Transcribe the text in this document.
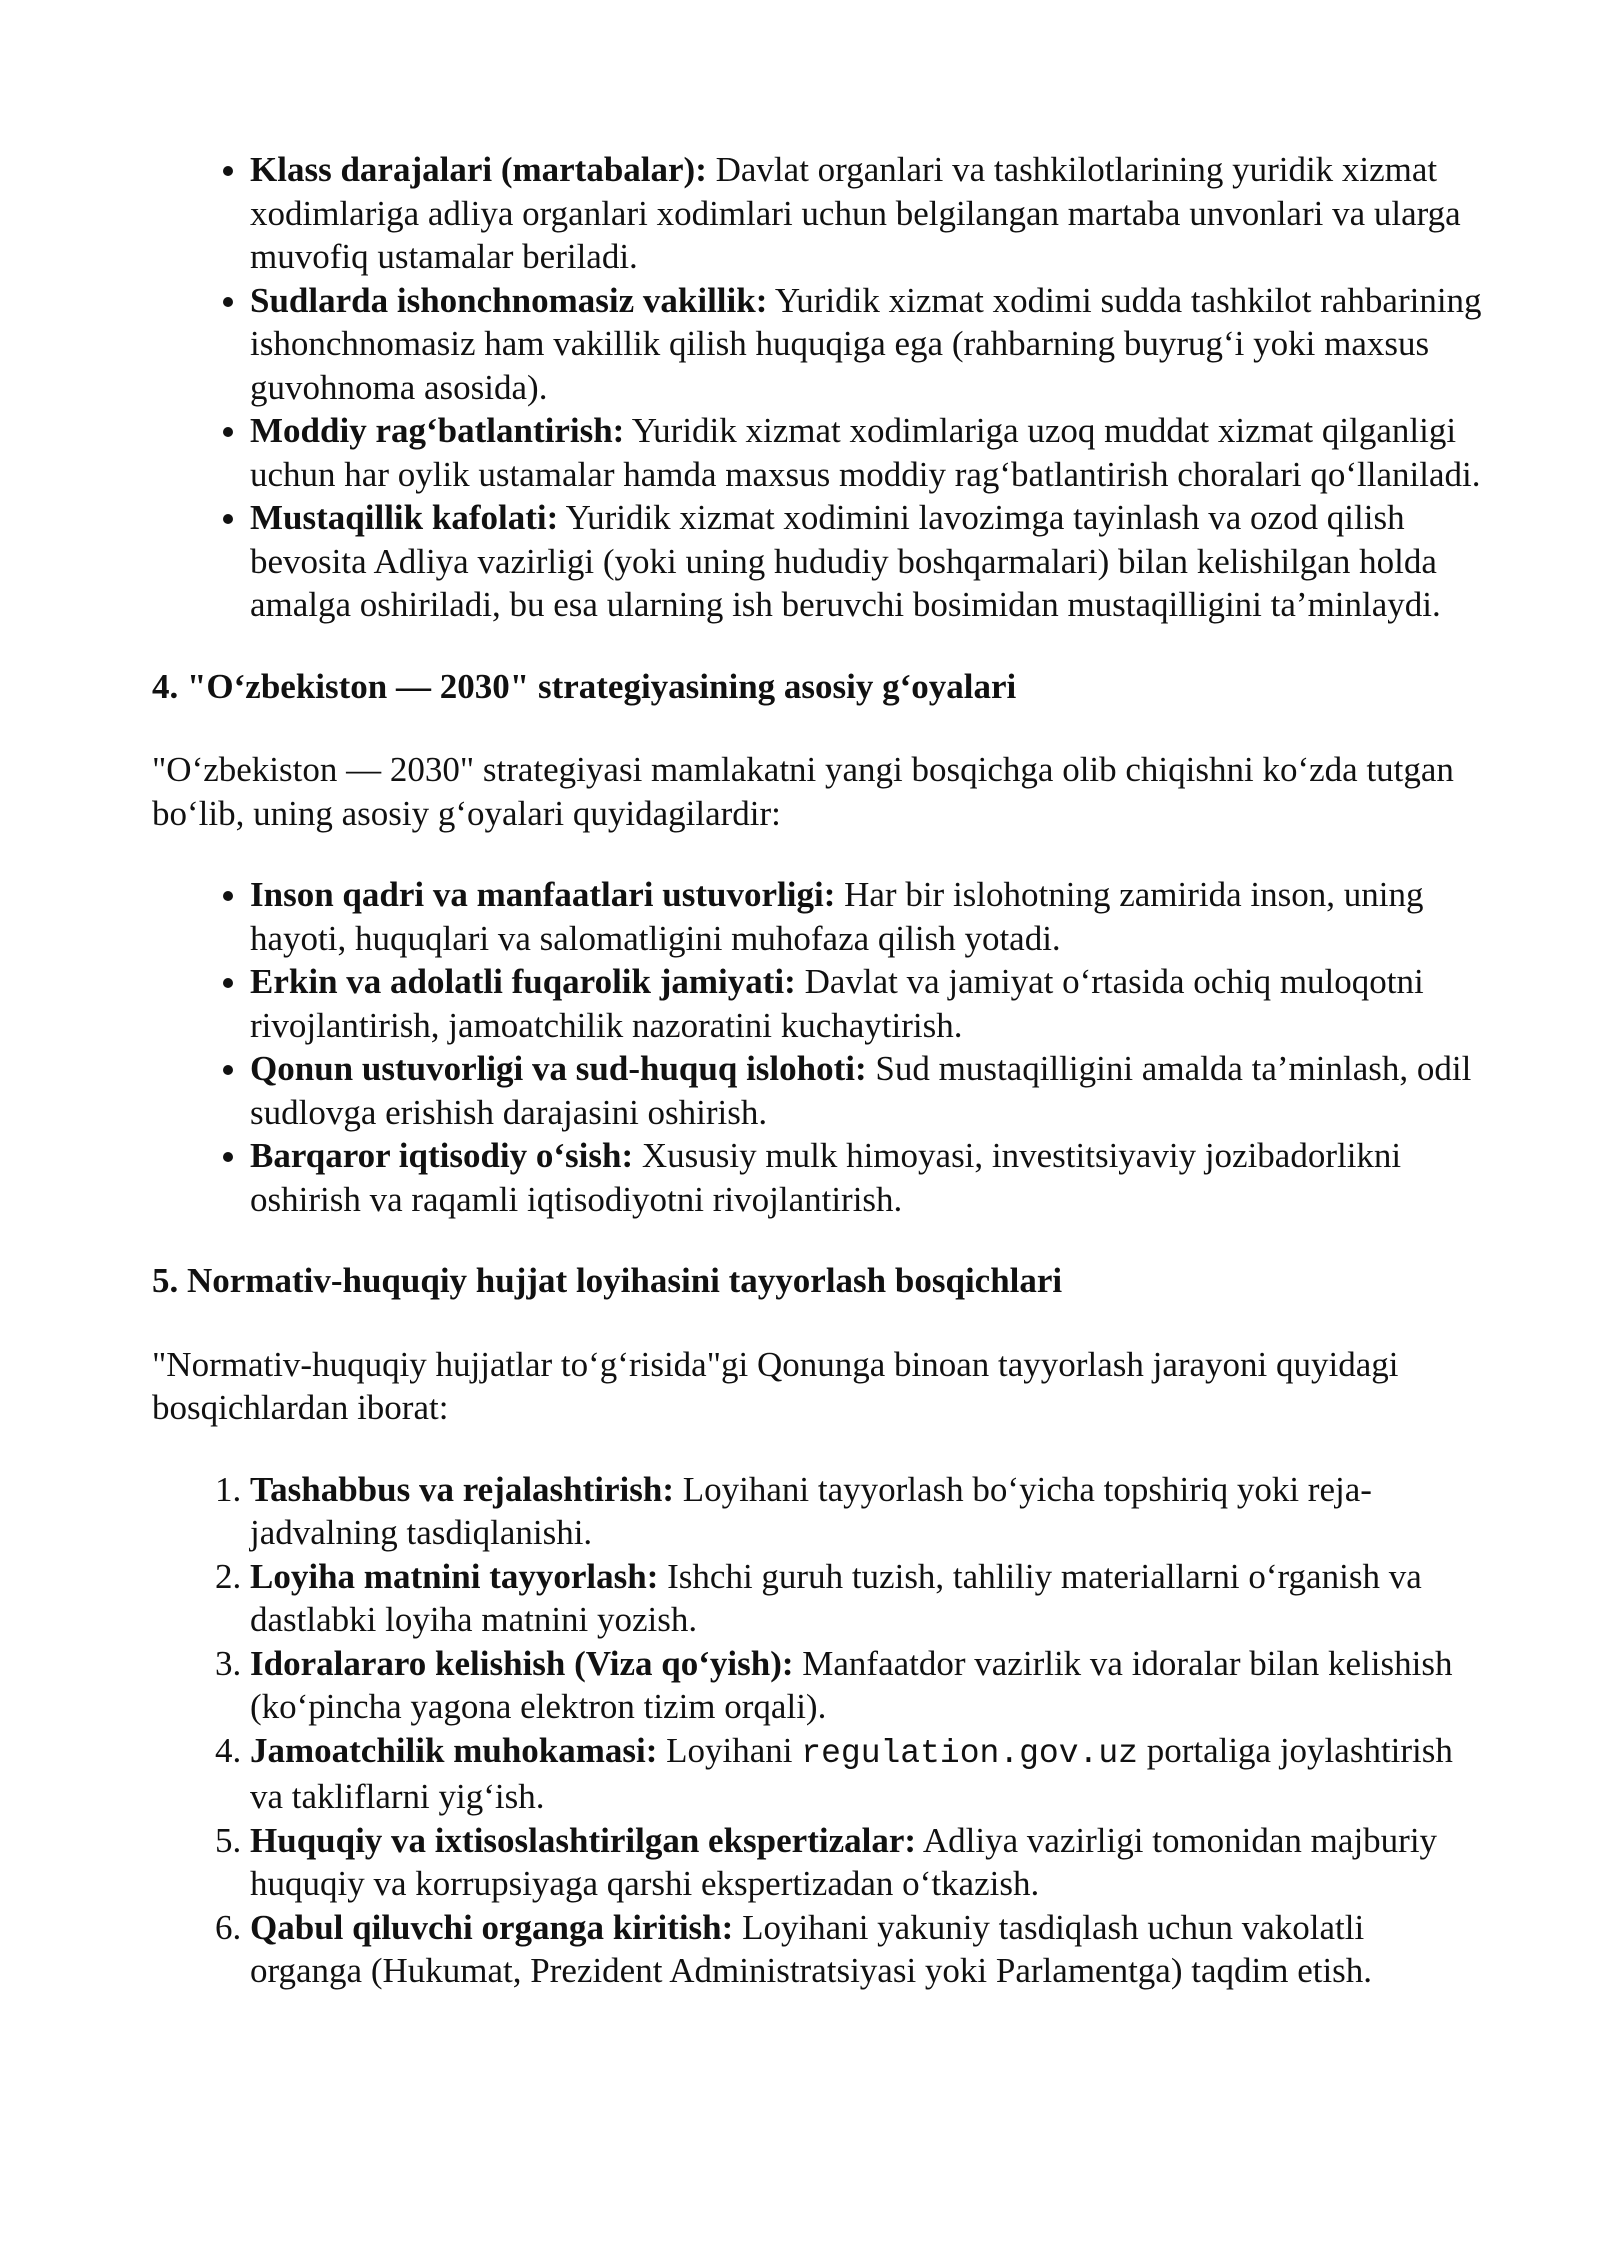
• Klass darajalari (martabalar): Davlat organlari va tashkilotlarining yuridik xizmat xodimlariga adliya organlari xodimlari uchun belgilangan martaba unvonlari va ularga muvofiq ustamalar beriladi.
• Sudlarda ishonchnomasiz vakillik: Yuridik xizmat xodimi sudda tashkilot rahbarining ishonchnomasiz ham vakillik qilish huquqiga ega (rahbarning buyrug‘i yoki maxsus guvohnoma asosida).
• Moddiy rag‘batlantirish: Yuridik xizmat xodimlariga uzoq muddat xizmat qilganligi uchun har oylik ustamalar hamda maxsus moddiy rag‘batlantirish choralari qo‘llaniladi.
• Mustaqillik kafolati: Yuridik xizmat xodimini lavozimga tayinlash va ozod qilish bevosita Adliya vazirligi (yoki uning hududiy boshqarmalari) bilan kelishilgan holda amalga oshiriladi, bu esa ularning ish beruvchi bosimidan mustaqilligini ta’minlaydi.
4. "O‘zbekiston — 2030" strategiyasining asosiy g‘oyalari

"O‘zbekiston — 2030" strategiyasi mamlakatni yangi bosqichga olib chiqishni ko‘zda tutgan bo‘lib, uning asosiy g‘oyalari quyidagilardir:

• Inson qadri va manfaatlari ustuvorligi: Har bir islohotning zamirida inson, uning hayoti, huquqlari va salomatligini muhofaza qilish yotadi.
• Erkin va adolatli fuqarolik jamiyati: Davlat va jamiyat o‘rtasida ochiq muloqotni rivojlantirish, jamoatchilik nazoratini kuchaytirish.
• Qonun ustuvorligi va sud-huquq islohoti: Sud mustaqilligini amalda ta’minlash, odil sudlovga erishish darajasini oshirish.
• Barqaror iqtisodiy o‘sish: Xususiy mulk himoyasi, investitsiyaviy jozibadorlikni oshirish va raqamli iqtisodiyotni rivojlantirish.
5. Normativ-huquqiy hujjat loyihasini tayyorlash bosqichlari

"Normativ-huquqiy hujjatlar to‘g‘risida"gi Qonunga binoan tayyorlash jarayoni quyidagi bosqichlardan iborat:

1. Tashabbus va rejalashtirish: Loyihani tayyorlash bo‘yicha topshiriq yoki reja-jadvalning tasdiqlanishi.
2. Loyiha matnini tayyorlash: Ishchi guruh tuzish, tahliliy materiallarni o‘rganish va dastlabki loyiha matnini yozish.
3. Idoralararo kelishish (Viza qo‘yish): Manfaatdor vazirlik va idoralar bilan kelishish (ko‘pincha yagona elektron tizim orqali).
4. Jamoatchilik muhokamasi: Loyihani regulation.gov.uz portaliga joylashtirish va takliflarni yig‘ish.
5. Huquqiy va ixtisoslashtirilgan ekspertizalar: Adliya vazirligi tomonidan majburiy huquqiy va korrupsiyaga qarshi ekspertizadan o‘tkazish.
6. Qabul qiluvchi organga kiritish: Loyihani yakuniy tasdiqlash uchun vakolatli organga (Hukumat, Prezident Administratsiyasi yoki Parlamentga) taqdim etish.
